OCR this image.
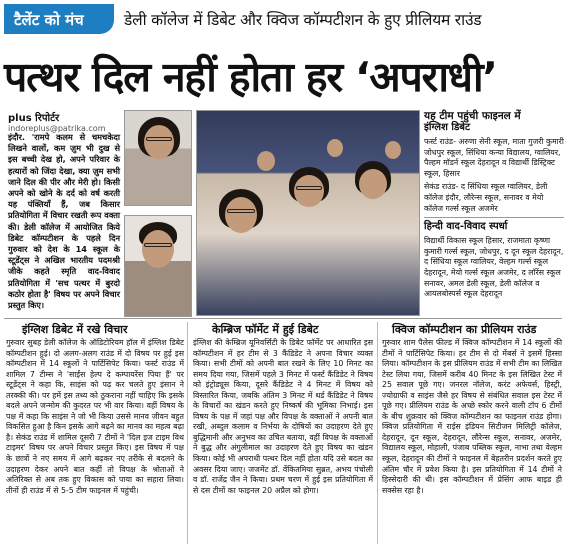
टैलेंट को मंच	डेली कॉलेज में डिबेट और क्विज कॉम्पटीशन के हुए प्रीलियम राउंड
पत्थर दिल नहीं होता हर ‘अपराधी’
plus रिपोर्टर
indoreplus@patrika.com
इंदौर. 'रामपे कलम से चमचकेदा लिखने वालों, कम ज़ुम भी दुख से इस बच्ची देख हो, अपने परिवार के हत्यारों को जिंदा देखा, क्या ज़ुम सभी जाने दिल की पीर और मेरी हो। किसी अपने को खोने के दर्द को वर्ष करती यह पंक्तियाँ हैं, जब किसार प्रतियोगिता में विचार रखती रूप वक्ता की। डेली कॉलेज में आयोजित किये डिबेट कॉम्पटीशन के पहले दिन गुरुवार को देश के 14 स्कूल के स्टूडेंट्स ने अखिल भारतीय पदमश्री जीके कहते स्मृति वाद-विवाद प्रतियोगिता में 'सच पत्थर में बुरदो कठोर होता है' विषय पर अपने विचार प्रस्तुत किए।
यह टीम पहुंची फाइनल में
इंग्लिश डिबेट
फर्स्ट राउंड- अरुणा सेनी स्कूल, माता गुजरी कुमारी जोधपुर स्कूल, सिंधिया कन्या विद्यालय, ग्वालियर, पैल्हम मॉडर्न स्कूल देहरादून व विद्यार्थी डिस्ट्रिक्ट स्कूल, हिसार
सेकंड राउंड- द सिंधिया स्कूल ग्वालियर, डेली कॉलेज इंदौर, लौरेन्स स्कूल, सनावर व मेयो कॉलेज गर्ल्स स्कूल अजमेर
हिन्दी वाद-विवाद स्पर्धा
विद्यार्थी विकास स्कूल हिसार, राजमाता कृष्णा कुमारी गर्ल्स स्कूल, जोधपुर, द दून स्कूल देहरादून, द सिंधिया स्कूल ग्वालियर, वेल्हम गर्ल्स स्कूल देहरादून, मेयो गर्ल्स स्कूल अजमेर, द लॉरेंस स्कूल सनावर, अमल डेली स्कूल, डेली कॉलेज व आयलबोस्पर्स स्कूल देहरादून
इंग्लिश डिबेट में रखे विचार
गुरुवार सुबह डेली कॉलेज के ऑडिटोरियम हॉल में इंग्लिश डिबेट कॉम्पटीशन हुई। दो अलग-अलग राउंड में दो विषय पर हुई इस कॉम्पटीशन में 14 स्कूलों ने पार्टिसिपेट किया। फर्स्ट राउंड में शामिल 7 टीम्स ने 'साईंस हेल्प दे कम्पायरेंस पिया हैं' पर स्टूडेंट्स ने कहा कि, साइंस को पढ़ कर चलते हुए इंसान ने तरक्की की। पर हमें इस तथ्य को ठुकराना नहीं चाहिए कि इसके बदले अपने जन्मोम की कुदरत पर भी वार किया। वहीं विषय के पक्ष में कहा कि साइंस ने जो भी किया उससे मानव जीवन बहुत विकसित हुआ है किन इसके आगे बढ़ने का मानव का महत्व बढ़ा है। सेकंड राउंड में शामिल दूसरी 7 टीमों ने 'दिल इज टाइम विथ टाइमर' विषय पर अपने विचार प्रस्तुत किए। इस विषय में पक्ष के छात्रों ने नए समय में आगे बढ़कर नए तरीके से बदलने के उदाहरण देकर अपने बात कहीं तो विपक्ष के श्रोताओं ने अतिरिक्त से अब तक हुए विकास को पाया का सहारा लिया। तीनों ही राउंड में से 5-5 टीम फाइनल में पहुंची।
केम्ब्रिज फॉर्मेट में हुई डिबेट
इंग्लिश की केम्ब्रिज यूनिवर्सिटी के डिबेट फॉर्मेट पर आधारित इस कॉम्पटीशन में हर टीम से 3 कैंडिडेट ने अपना विचार व्यक्त किया। सभी टीमों को अपनी बात रखने के लिए 10 मिनट का समय दिया गया, जिसमें पहले 3 मिनट में फर्स्ट कैंडिडेट ने विषय को इंट्रोड्यूस किया, दूसरे कैंडिडेट ने 4 मिनट में विषय को विस्तारित किया, जबकि अंतिम 3 मिनट में थर्ड कैंडिडेट ने विषय के विचारों का खंडन करते हुए निष्कर्ष की भूमिका निभाई। इस विषय के पक्ष में जहां पक्ष और विपक्ष के वक्ताओं ने अपनी बात रखी, अब्दुल कलाम व निर्भया के दोषियों का उदाहरण देते हुए बुद्धिमानी और अनुभव का उचित बताया, वहीं विपक्ष के वक्ताओं ने बुद्ध और अंगुलीमाल का उदाहरण देते हुए विषय का खंडन किया। कोई भी अपराधी पत्थर दिल नहीं होता यदि उसे बदल का अवसर दिया जाए। जजमेंट डॉ. वेंकितमिया सुब्रत, अभय पंचोली व डॉ. राजेंद्र जैन ने किया। प्रथम चरण में हुई इस प्रतियोगिता में से दस टीमों का फाइनल 20 अप्रैल को होगा।
क्विज कॉम्पटीशन का प्रीलियम राउंड
गुरुवार शाम पैलेस फील्ड में क्विज कॉम्पटीशन में 14 स्कूलों की टीमों ने पार्टिसिपेट किया। हर टीम से दो मेंबर्स ने इसमें हिस्सा लिया। कॉम्पटीशन के इस प्रीलियम राउंड में सभी टीम का लिखित टेस्ट लिया गया, जिसमें करीब 40 मिनट के इस लिखित टेस्ट में 25 सवाल पूछे गए। जनरल नॉलेज, करंट अफेयर्स, हिस्ट्री, ज्योग्राफी व साइंस जैसे हर विषय से संबंधित सवाल इस टेस्ट में पूछे गए। प्रीलियम राउंड के अच्छे स्कोर करने वाली टॉप 6 टीमों के बीच शुक्रवार को क्विज कॉम्पटीशन का फाइनल राउंड होगा। क्विज प्रतियोगिता में राईस इंडियन सिटीजन मिलिट्री कॉलेज, देहरादून, दून स्कूल, देहरादून, लौरेन्स स्कूल, सनावर, अजमेर, विद्यालय स्कूल, मोहाली, पंजाब पब्लिक स्कूल, नाभा तथा वेल्हम स्कूल, देहरादून की टीमों ने फाइनल में बेहतरीन प्रदर्शन करते हुए अंतिम चौर में प्रवेश किया है। इस प्रतियोगिता में 14 टीमों ने हिस्सेदारी की थी। इस कॉम्पटीशन में प्रेसिंग आफ बाइड ही सक्सेस रहा है।
